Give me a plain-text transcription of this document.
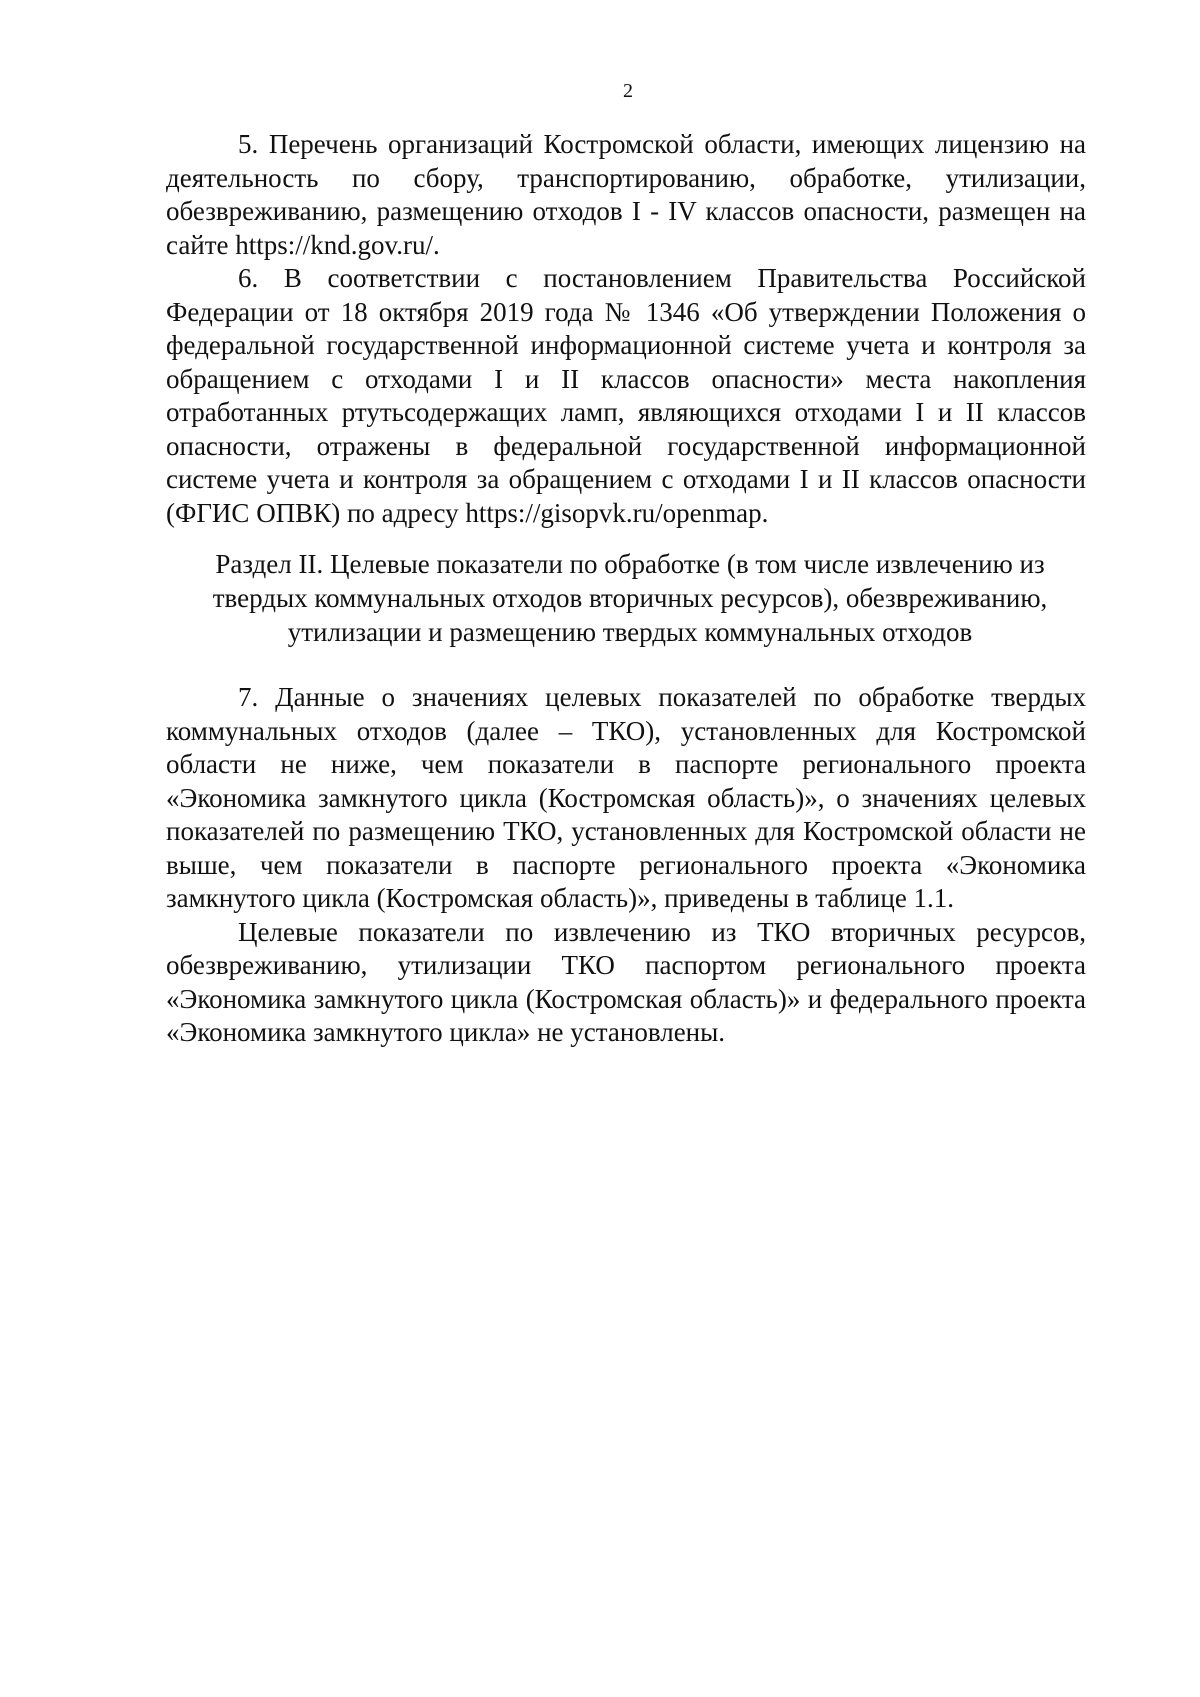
2

5. Перечень организаций Костромской области, имеющих лицензию на деятельность по сбору, транспортированию, обработке, утилизации, обезвреживанию, размещению отходов I - IV классов опасности, размещен на сайте https://knd.gov.ru/.

6. В соответствии с постановлением Правительства Российской Федерации от 18 октября 2019 года № 1346 «Об утверждении Положения о федеральной государственной информационной системе учета и контроля за обращением с отходами I и II классов опасности» места накопления отработанных ртутьсодержащих ламп, являющихся отходами I и II классов опасности, отражены в федеральной государственной информационной системе учета и контроля за обращением с отходами I и II классов опасности (ФГИС ОПВК) по адресу https://gisopvk.ru/openmap.

Раздел II. Целевые показатели по обработке (в том числе извлечению из
твердых коммунальных отходов вторичных ресурсов), обезвреживанию,
утилизации и размещению твердых коммунальных отходов

7. Данные о значениях целевых показателей по обработке твердых коммунальных отходов (далее – ТКО), установленных для Костромской области не ниже, чем показатели в паспорте регионального проекта «Экономика замкнутого цикла (Костромская область)», о значениях целевых показателей по размещению ТКО, установленных для Костромской области не выше, чем показатели в паспорте регионального проекта «Экономика замкнутого цикла (Костромская область)», приведены в таблице 1.1.

Целевые показатели по извлечению из ТКО вторичных ресурсов, обезвреживанию, утилизации ТКО паспортом регионального проекта «Экономика замкнутого цикла (Костромская область)» и федерального проекта «Экономика замкнутого цикла» не установлены.
